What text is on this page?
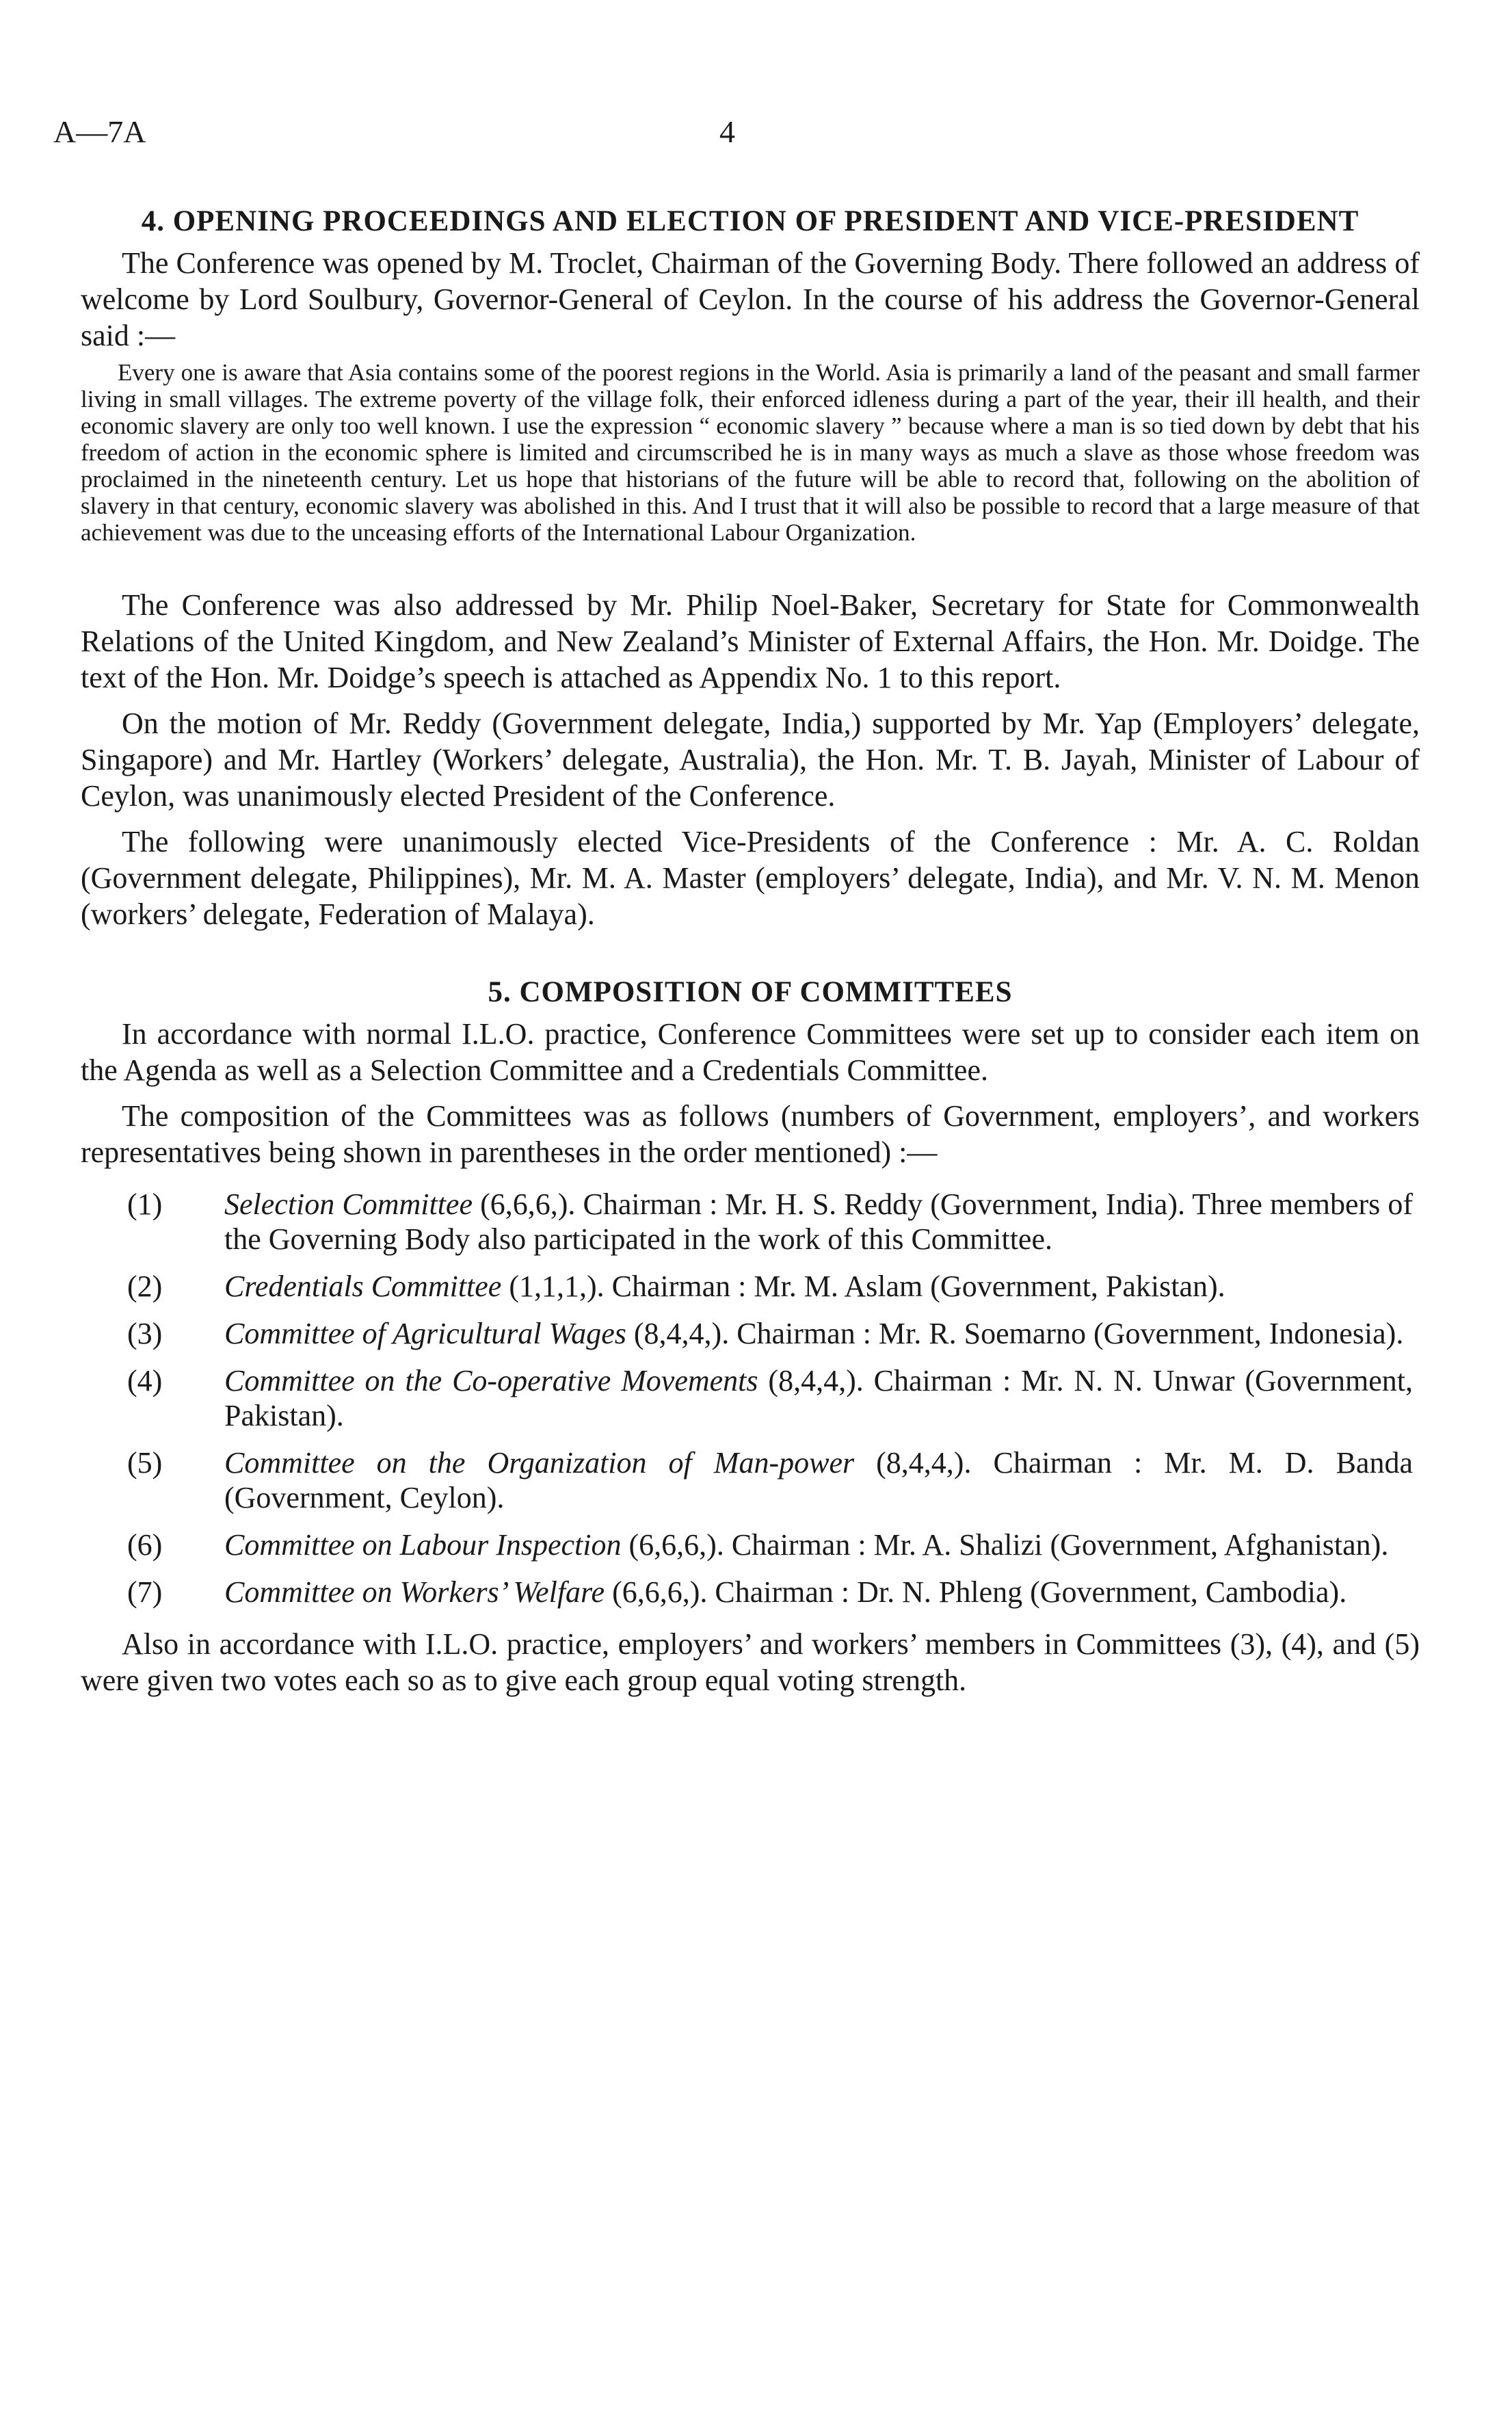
A—7A	4
4. OPENING PROCEEDINGS AND ELECTION OF PRESIDENT AND VICE-PRESIDENT

The Conference was opened by M. Troclet, Chairman of the Governing Body. There followed an address of welcome by Lord Soulbury, Governor-General of Ceylon. In the course of his address the Governor-General said :—

Every one is aware that Asia contains some of the poorest regions in the World. Asia is primarily a land of the peasant and small farmer living in small villages. The extreme poverty of the village folk, their enforced idleness during a part of the year, their ill health, and their economic slavery are only too well known. I use the expression “ economic slavery ” because where a man is so tied down by debt that his freedom of action in the economic sphere is limited and circumscribed he is in many ways as much a slave as those whose freedom was proclaimed in the nineteenth century. Let us hope that historians of the future will be able to record that, following on the abolition of slavery in that century, economic slavery was abolished in this. And I trust that it will also be possible to record that a large measure of that achievement was due to the unceasing efforts of the International Labour Organization.

The Conference was also addressed by Mr. Philip Noel-Baker, Secretary for State for Commonwealth Relations of the United Kingdom, and New Zealand’s Minister of External Affairs, the Hon. Mr. Doidge. The text of the Hon. Mr. Doidge’s speech is attached as Appendix No. 1 to this report.

On the motion of Mr. Reddy (Government delegate, India,) supported by Mr. Yap (Employers’ delegate, Singapore) and Mr. Hartley (Workers’ delegate, Australia), the Hon. Mr. T. B. Jayah, Minister of Labour of Ceylon, was unanimously elected President of the Conference.

The following were unanimously elected Vice-Presidents of the Conference : Mr. A. C. Roldan (Government delegate, Philippines), Mr. M. A. Master (employers’ delegate, India), and Mr. V. N. M. Menon (workers’ delegate, Federation of Malaya).

5. COMPOSITION OF COMMITTEES

In accordance with normal I.L.O. practice, Conference Committees were set up to consider each item on the Agenda as well as a Selection Committee and a Credentials Committee.

The composition of the Committees was as follows (numbers of Government, employers’, and workers representatives being shown in parentheses in the order mentioned) :—

(1) Selection Committee (6,6,6,). Chairman : Mr. H. S. Reddy (Government, India). Three members of the Governing Body also participated in the work of this Committee.
(2) Credentials Committee (1,1,1,). Chairman : Mr. M. Aslam (Government, Pakistan).
(3) Committee of Agricultural Wages (8,4,4,). Chairman : Mr. R. Soemarno (Government, Indonesia).
(4) Committee on the Co-operative Movements (8,4,4,). Chairman : Mr. N. N. Unwar (Government, Pakistan).
(5) Committee on the Organization of Man-power (8,4,4,). Chairman : Mr. M. D. Banda (Government, Ceylon).
(6) Committee on Labour Inspection (6,6,6,). Chairman : Mr. A. Shalizi (Government, Afghanistan).
(7) Committee on Workers’ Welfare (6,6,6,). Chairman : Dr. N. Phleng (Government, Cambodia).

Also in accordance with I.L.O. practice, employers’ and workers’ members in Committees (3), (4), and (5) were given two votes each so as to give each group equal voting strength.
